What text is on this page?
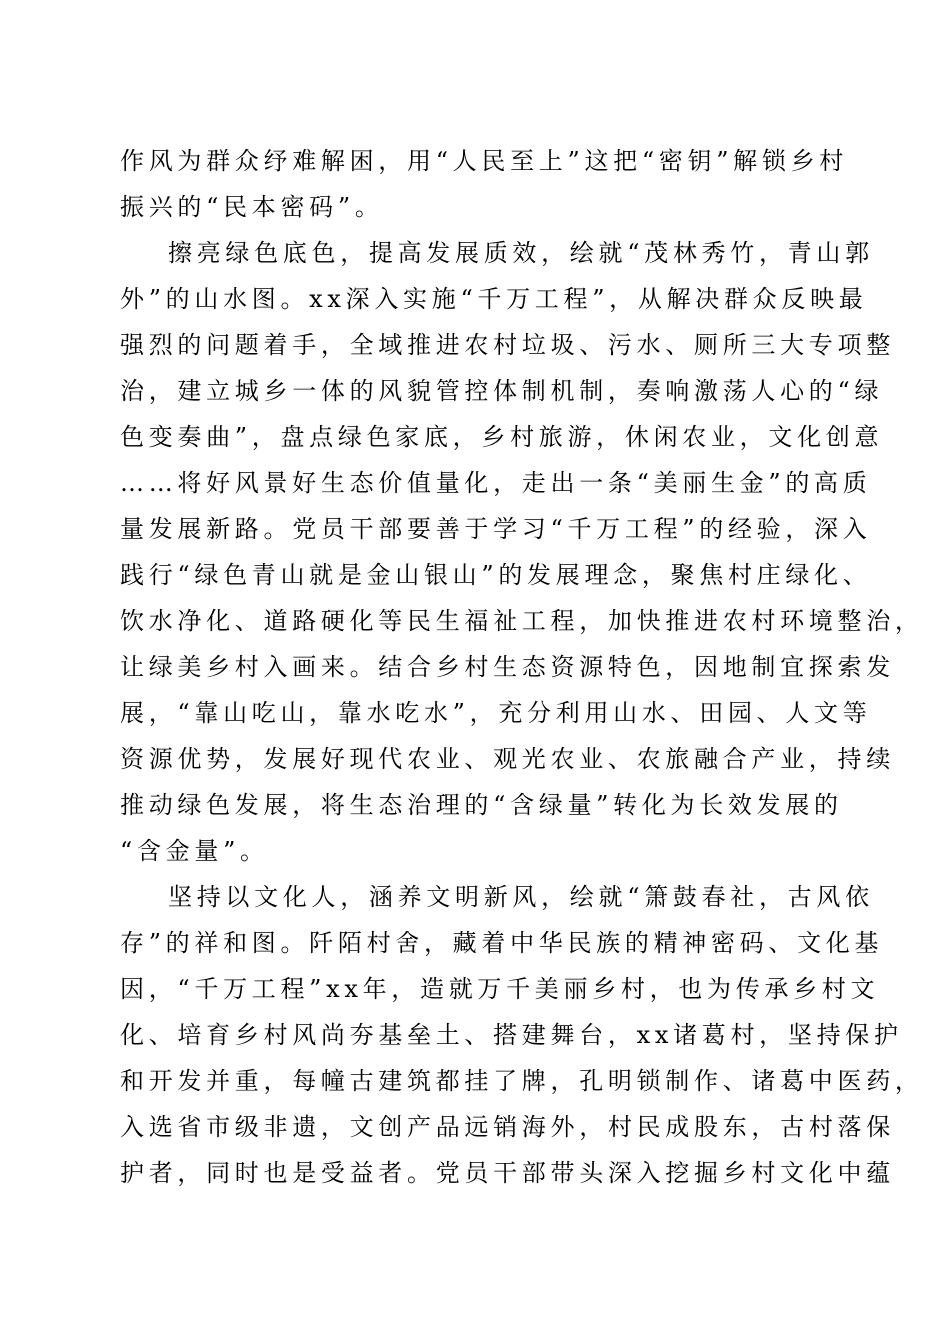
作风为群众纾难解困，用“人民至上”这把“密钥”解锁乡村
振兴的“民本密码”。
擦亮绿色底色，提高发展质效，绘就“茂林秀竹，青山郭
外”的山水图。xx深入实施“千万工程”，从解决群众反映最
强烈的问题着手，全域推进农村垃圾、污水、厕所三大专项整
治，建立城乡一体的风貌管控体制机制，奏响激荡人心的“绿
色变奏曲”，盘点绿色家底，乡村旅游，休闲农业，文化创意
……将好风景好生态价值量化，走出一条“美丽生金”的高质
量发展新路。党员干部要善于学习“千万工程”的经验，深入
践行“绿色青山就是金山银山”的发展理念，聚焦村庄绿化、
饮水净化、道路硬化等民生福祉工程，加快推进农村环境整治，
让绿美乡村入画来。结合乡村生态资源特色，因地制宜探索发
展，“靠山吃山，靠水吃水”，充分利用山水、田园、人文等
资源优势，发展好现代农业、观光农业、农旅融合产业，持续
推动绿色发展，将生态治理的“含绿量”转化为长效发展的
“含金量”。
坚持以文化人，涵养文明新风，绘就“箫鼓春社，古风依
存”的祥和图。阡陌村舍，藏着中华民族的精神密码、文化基
因，“千万工程”xx年，造就万千美丽乡村，也为传承乡村文
化、培育乡村风尚夯基垒土、搭建舞台，xx诸葛村，坚持保护
和开发并重，每幢古建筑都挂了牌，孔明锁制作、诸葛中医药，
入选省市级非遗，文创产品远销海外，村民成股东，古村落保
护者，同时也是受益者。党员干部带头深入挖掘乡村文化中蕴
